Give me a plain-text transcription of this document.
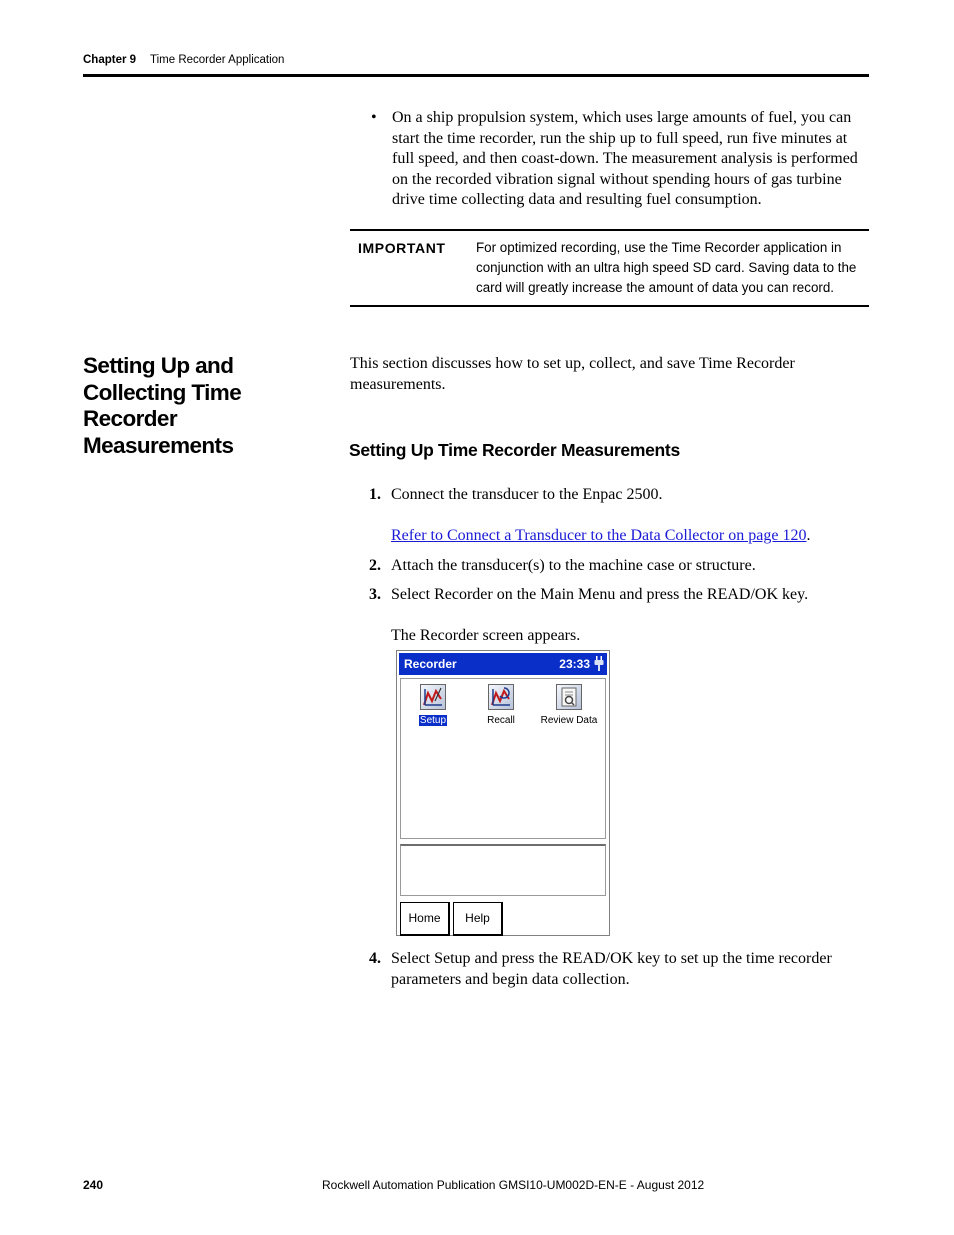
Chapter 9 Time Recorder Application
• On a ship propulsion system, which uses large amounts of fuel, you can start the time recorder, run the ship up to full speed, run five minutes at full speed, and then coast-down. The measurement analysis is performed on the recorded vibration signal without spending hours of gas turbine drive time collecting data and resulting fuel consumption.
IMPORTANT For optimized recording, use the Time Recorder application in conjunction with an ultra high speed SD card. Saving data to the card will greatly increase the amount of data you can record.
Setting Up and Collecting Time Recorder Measurements
This section discusses how to set up, collect, and save Time Recorder measurements.
Setting Up Time Recorder Measurements
1. Connect the transducer to the Enpac 2500.
Refer to Connect a Transducer to the Data Collector on page 120.
2. Attach the transducer(s) to the machine case or structure.
3. Select Recorder on the Main Menu and press the READ/OK key.
The Recorder screen appears.
Recorder	23:33
Setup	Recall	Review Data
Home	Help
4. Select Setup and press the READ/OK key to set up the time recorder parameters and begin data collection.
240	Rockwell Automation Publication GMSI10-UM002D-EN-E - August 2012
